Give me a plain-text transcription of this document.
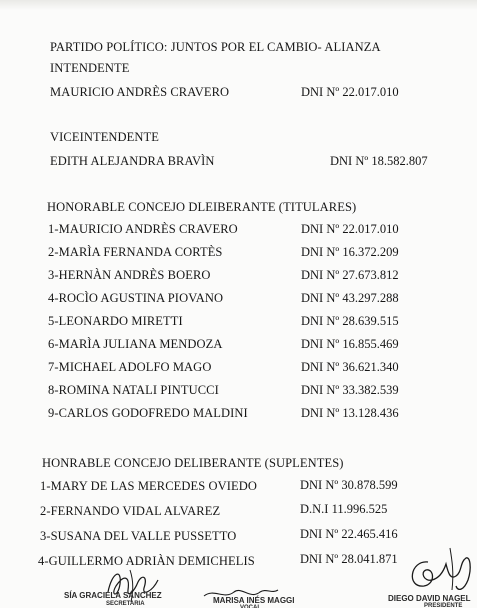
PARTIDO POLÍTICO: JUNTOS POR EL CAMBIO- ALIANZA
INTENDENTE
MAURICIO ANDRÈS CRAVERO	DNI Nº 22.017.010
VICEINTENDENTE
EDITH ALEJANDRA BRAVÌN	DNI Nº 18.582.807
HONORABLE CONCEJO DLEIBERANTE (TITULARES)
1-MAURICIO ANDRÈS CRAVERO	DNI Nº 22.017.010
2-MARÌA FERNANDA CORTÈS	DNI Nº 16.372.209
3-HERNÀN ANDRÈS BOERO	DNI Nº 27.673.812
4-ROCÌO AGUSTINA PIOVANO	DNI Nº 43.297.288
5-LEONARDO MIRETTI	DNI Nº 28.639.515
6-MARÌA JULIANA MENDOZA	DNI Nº 16.855.469
7-MICHAEL ADOLFO MAGO	DNI Nº 36.621.340
8-ROMINA NATALI PINTUCCI	DNI Nº 33.382.539
9-CARLOS GODOFREDO MALDINI	DNI Nº 13.128.436
HONRABLE CONCEJO DELIBERANTE (SUPLENTES)
1-MARY DE LAS MERCEDES OVIEDO	DNI Nº 30.878.599
2-FERNANDO VIDAL ALVAREZ	D.N.I 11.996.525
3-SUSANA DEL VALLE PUSSETTO	DNI Nº 22.465.416
4-GUILLERMO ADRIÀN DEMICHELIS	DNI Nº 28.041.871
SÍA GRACIELA SÁNCHEZ
SECRETARIA	MARISA INÉS MAGGI
VOCAL
DIEGO DAVID NAGEL
PRESIDENTE
